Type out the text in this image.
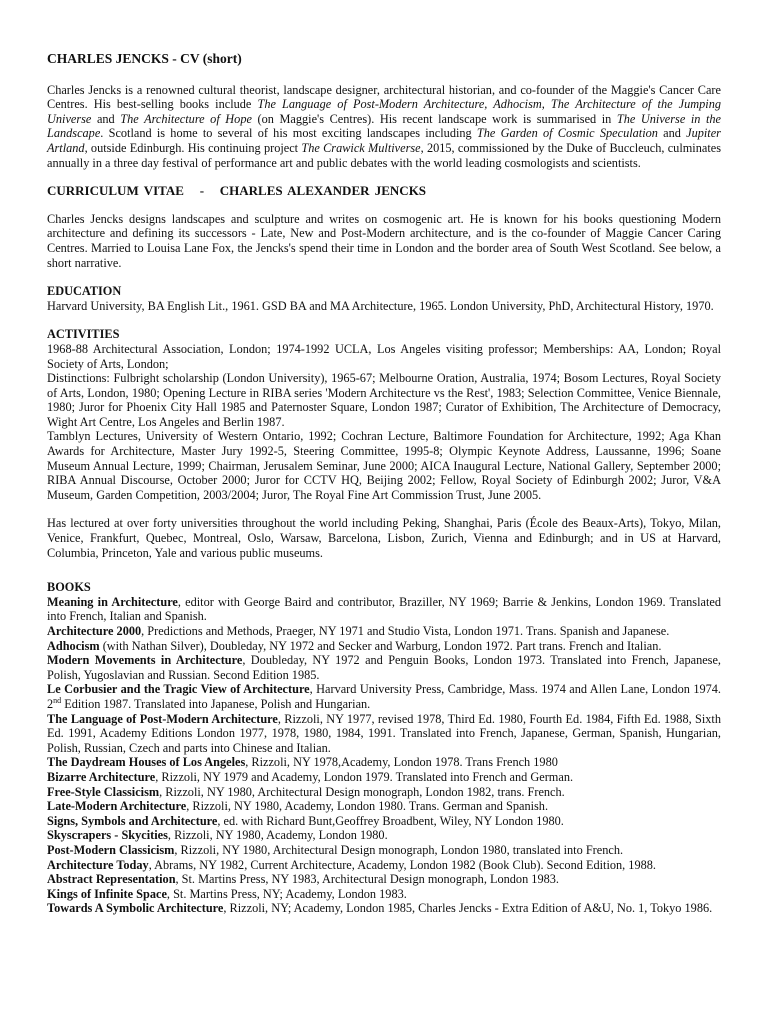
CHARLES JENCKS - CV (short)

Charles Jencks is a renowned cultural theorist, landscape designer, architectural historian, and co-founder of the Maggie's Cancer Care Centres. His best-selling books include The Language of Post-Modern Architecture, Adhocism, The Architecture of the Jumping Universe and The Architecture of Hope (on Maggie's Centres). His recent landscape work is summarised in The Universe in the Landscape. Scotland is home to several of his most exciting landscapes including The Garden of Cosmic Speculation and Jupiter Artland, outside Edinburgh. His continuing project The Crawick Multiverse, 2015, commissioned by the Duke of Buccleuch, culminates annually in a three day festival of performance art and public debates with the world leading cosmologists and scientists.

CURRICULUM VITAE   -   CHARLES ALEXANDER JENCKS

Charles Jencks designs landscapes and sculpture and writes on cosmogenic art. He is known for his books questioning Modern architecture and defining its successors - Late, New and Post-Modern architecture, and is the co-founder of Maggie Cancer Caring Centres. Married to Louisa Lane Fox, the Jencks's spend their time in London and the border area of South West Scotland. See below, a short narrative.

EDUCATION

Harvard University, BA English Lit., 1961. GSD BA and MA Architecture, 1965. London University, PhD, Architectural History, 1970.

ACTIVITIES

1968-88 Architectural Association, London; 1974-1992 UCLA, Los Angeles visiting professor; Memberships: AA, London; Royal Society of Arts, London;

Distinctions: Fulbright scholarship (London University), 1965-67; Melbourne Oration, Australia, 1974; Bosom Lectures, Royal Society of Arts, London, 1980; Opening Lecture in RIBA series 'Modern Architecture vs the Rest', 1983; Selection Committee, Venice Biennale, 1980; Juror for Phoenix City Hall 1985 and Paternoster Square, London 1987; Curator of Exhibition, The Architecture of Democracy, Wight Art Centre, Los Angeles and Berlin 1987.

Tamblyn Lectures, University of Western Ontario, 1992; Cochran Lecture, Baltimore Foundation for Architecture, 1992; Aga Khan Awards for Architecture, Master Jury 1992-5, Steering Committee, 1995-8; Olympic Keynote Address, Laussanne, 1996; Soane Museum Annual Lecture, 1999; Chairman, Jerusalem Seminar, June 2000; AICA Inaugural Lecture, National Gallery, September 2000; RIBA Annual Discourse, October 2000; Juror for CCTV HQ, Beijing 2002; Fellow, Royal Society of Edinburgh 2002; Juror, V&A Museum, Garden Competition, 2003/2004; Juror, The Royal Fine Art Commission Trust, June 2005.

Has lectured at over forty universities throughout the world including Peking, Shanghai, Paris (École des Beaux-Arts), Tokyo, Milan, Venice, Frankfurt, Quebec, Montreal, Oslo, Warsaw, Barcelona, Lisbon, Zurich, Vienna and Edinburgh; and in US at Harvard, Columbia, Princeton, Yale and various public museums.

BOOKS

Meaning in Architecture, editor with George Baird and contributor, Braziller, NY 1969; Barrie & Jenkins, London 1969. Translated into French, Italian and Spanish.

Architecture 2000, Predictions and Methods, Praeger, NY 1971 and Studio Vista, London 1971. Trans. Spanish and Japanese.

Adhocism (with Nathan Silver), Doubleday, NY 1972 and Secker and Warburg, London 1972. Part trans. French and Italian.

Modern Movements in Architecture, Doubleday, NY 1972 and Penguin Books, London 1973. Translated into French, Japanese, Polish, Yugoslavian and Russian. Second Edition 1985.

Le Corbusier and the Tragic View of Architecture, Harvard University Press, Cambridge, Mass. 1974 and Allen Lane, London 1974. 2nd Edition 1987. Translated into Japanese, Polish and Hungarian.

The Language of Post-Modern Architecture, Rizzoli, NY 1977, revised 1978, Third Ed. 1980, Fourth Ed. 1984, Fifth Ed. 1988, Sixth Ed. 1991, Academy Editions London 1977, 1978, 1980, 1984, 1991. Translated into French, Japanese, German, Spanish, Hungarian, Polish, Russian, Czech and parts into Chinese and Italian.

The Daydream Houses of Los Angeles, Rizzoli, NY 1978,Academy, London 1978. Trans French 1980

Bizarre Architecture, Rizzoli, NY 1979 and Academy, London 1979. Translated into French and German.

Free-Style Classicism, Rizzoli, NY 1980, Architectural Design monograph, London 1982, trans. French.

Late-Modern Architecture, Rizzoli, NY 1980, Academy, London 1980. Trans. German and Spanish.

Signs, Symbols and Architecture, ed. with Richard Bunt,Geoffrey Broadbent, Wiley, NY London 1980.

Skyscrapers - Skycities, Rizzoli, NY 1980, Academy, London 1980.

Post-Modern Classicism, Rizzoli, NY 1980, Architectural Design monograph, London 1980, translated into French.

Architecture Today, Abrams, NY 1982, Current Architecture, Academy, London 1982 (Book Club). Second Edition, 1988.

Abstract Representation, St. Martins Press, NY 1983, Architectural Design monograph, London 1983.

Kings of Infinite Space, St. Martins Press, NY; Academy, London 1983.

Towards A Symbolic Architecture, Rizzoli, NY; Academy, London 1985, Charles Jencks - Extra Edition of A&U, No. 1, Tokyo 1986.
